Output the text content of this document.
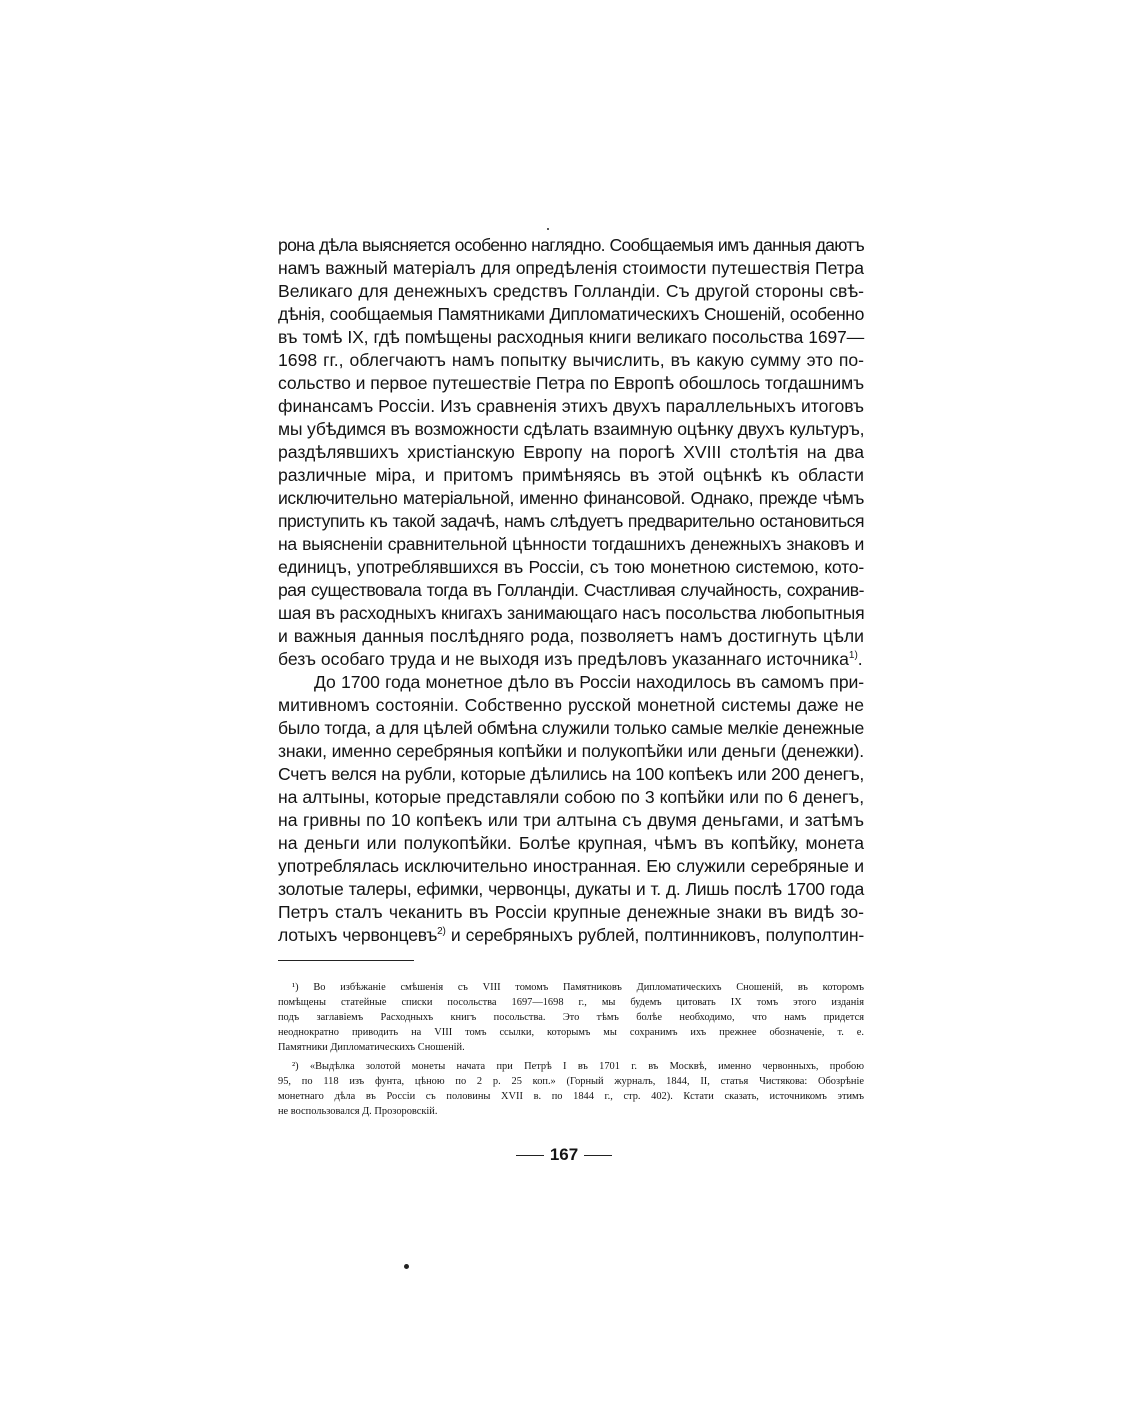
рона дѣла выясняется особенно наглядно. Сообщаемыя имъ данныя даютъ
намъ важный матеріалъ для опредѣленія стоимости путешествія Петра
Великаго для денежныхъ средствъ Голландіи. Съ другой стороны свѣ-
дѣнія, сообщаемыя Памятниками Дипломатическихъ Сношеній, особенно
въ томѣ IX, гдѣ помѣщены расходныя книги великаго посольства 1697—
1698 гг., облегчаютъ намъ попытку вычислить, въ какую сумму это по-
сольство и первое путешествіе Петра по Европѣ обошлось тогдашнимъ
финансамъ Россіи. Изъ сравненія этихъ двухъ параллельныхъ итоговъ
мы убѣдимся въ возможности сдѣлать взаимную оцѣнку двухъ культуръ,
раздѣлявшихъ христіанскую Европу на порогѣ XVIII столѣтія на два
различные міра, и притомъ примѣняясь въ этой оцѣнкѣ къ области
исключительно матеріальной, именно финансовой. Однако, прежде чѣмъ
приступить къ такой задачѣ, намъ слѣдуетъ предварительно остановиться
на выясненіи сравнительной цѣнности тогдашнихъ денежныхъ знаковъ и
единицъ, употреблявшихся въ Россіи, съ тою монетною системою, кото-
рая существовала тогда въ Голландіи. Счастливая случайность, сохранив-
шая въ расходныхъ книгахъ занимающаго насъ посольства любопытныя
и важныя данныя послѣдняго рода, позволяетъ намъ достигнуть цѣли
безъ особаго труда и не выходя изъ предѣловъ указаннаго источника$^{1)}$.
До 1700 года монетное дѣло въ Россіи находилось въ самомъ при-
митивномъ состояніи. Собственно русской монетной системы даже не
было тогда, а для цѣлей обмѣна служили только самые мелкіе денежные
знаки, именно серебряныя копѣйки и полукопѣйки или деньги (денежки).
Счетъ велся на рубли, которые дѣлились на 100 копѣекъ или 200 денегъ,
на алтыны, которые представляли собою по 3 копѣйки или по 6 денегъ,
на гривны по 10 копѣекъ или три алтына съ двумя деньгами, и затѣмъ
на деньги или полукопѣйки. Болѣе крупная, чѣмъ въ копѣйку, монета
употреблялась исключительно иностранная. Ею служили серебряные и
золотые талеры, ефимки, червонцы, дукаты и т. д. Лишь послѣ 1700 года
Петръ сталъ чеканить въ Россіи крупные денежные знаки въ видѣ зо-
лотыхъ червонцевъ$^{2)}$ и серебряныхъ рублей, полтинниковъ, полуполтин-
¹) Во избѣжаніе смѣшенія съ VIII томомъ Памятниковъ Дипломатическихъ Сношеній, въ которомъ
помѣщены статейные списки посольства 1697—1698 г., мы будемъ цитовать IX томъ этого изданія
подъ заглавіемъ Расходныхъ книгъ посольства. Это тѣмъ болѣе необходимо, что намъ придется
неоднократно приводить на VIII томъ ссылки, которымъ мы сохранимъ ихъ прежнее обозначеніе, т. е.
Памятники Дипломатическихъ Сношеній.
²) «Выдѣлка золотой монеты начата при Петрѣ I въ 1701 г. въ Москвѣ, именно червонныхъ, пробою
95, по 118 изъ фунта, цѣною по 2 р. 25 коп.» (Горный журналъ, 1844, II, статья Чистякова: Обозрѣніе
монетнаго дѣла въ Россіи съ половины XVII в. по 1844 г., стр. 402). Кстати сказать, источникомъ этимъ
не воспользовался Д. Прозоровскій.
167
